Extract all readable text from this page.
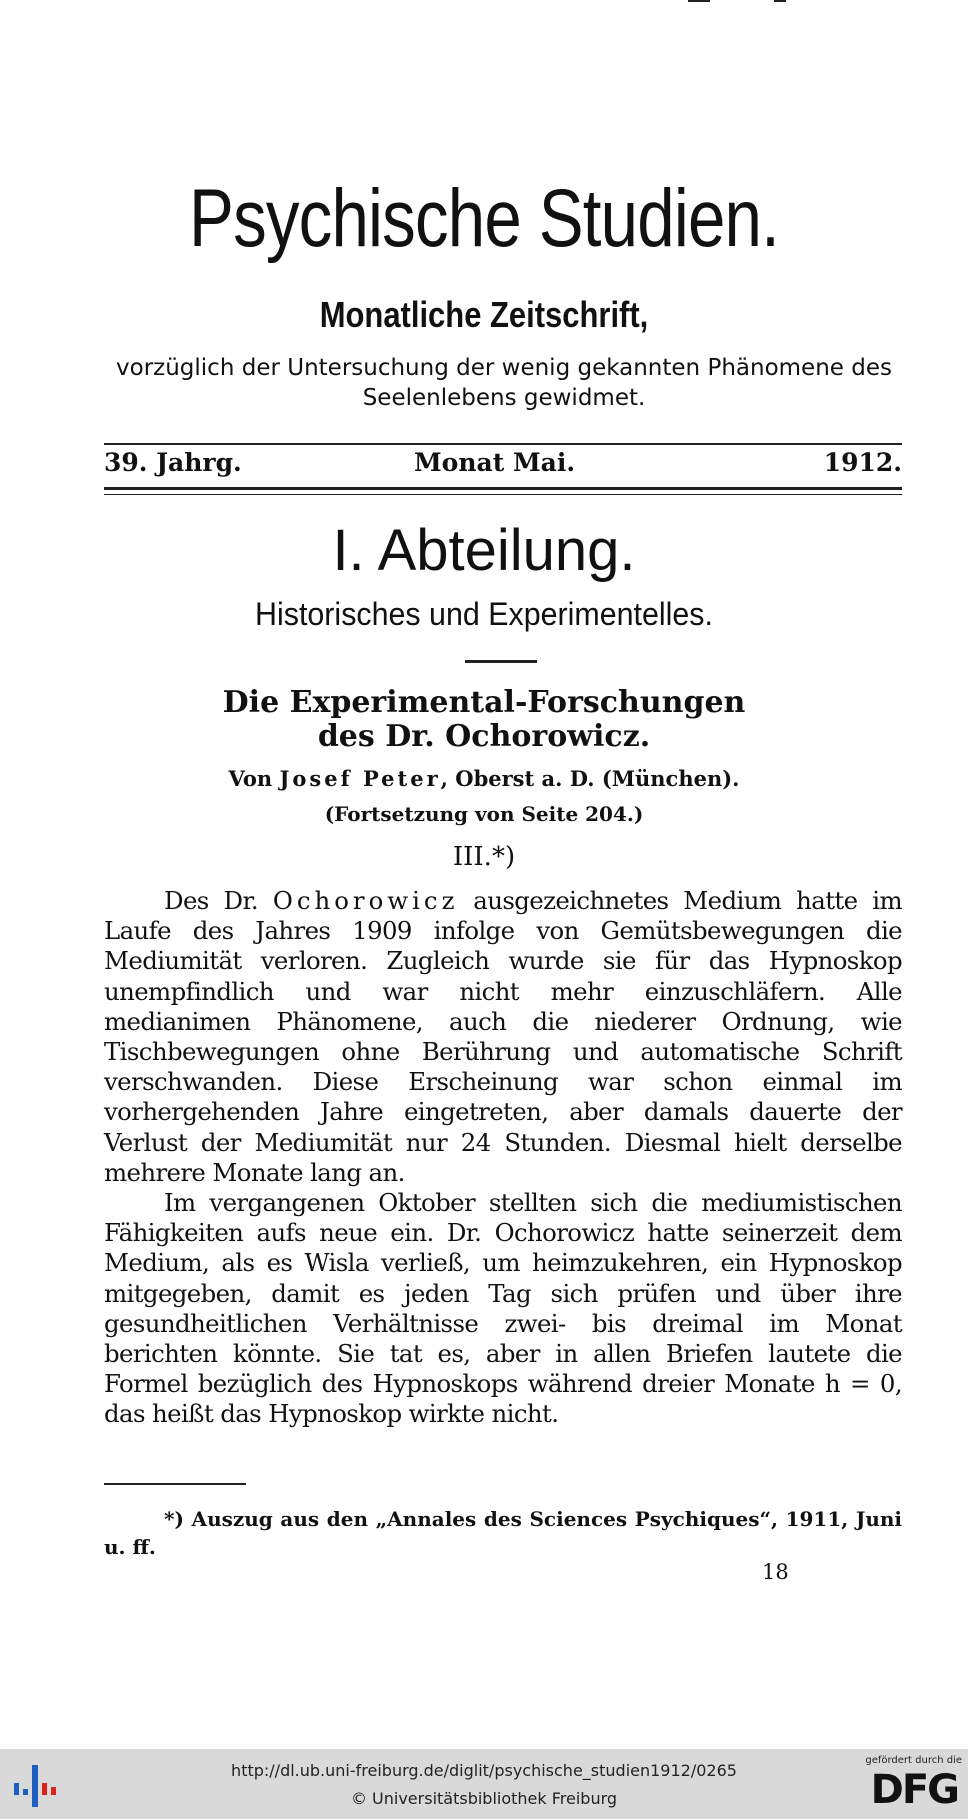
Psychische Studien.
Monatliche Zeitschrift,
vorzüglich der Untersuchung der wenig gekannten Phänomene des Seelenlebens gewidmet.
39. Jahrg.	Monat Mai.	1912.
I. Abteilung.
Historisches und Experimentelles.
Die Experimental-Forschungen
des Dr. Ochorowicz.
Von Josef Peter, Oberst a. D. (München).
(Fortsetzung von Seite 204.)
III.*)

Des Dr. Ochorowicz ausgezeichnetes Medium hatte im Laufe des Jahres 1909 infolge von Gemütsbewegungen die Mediumität verloren. Zugleich wurde sie für das Hypnoskop unempfindlich und war nicht mehr einzuschläfern. Alle medianimen Phänomene, auch die niederer Ordnung, wie Tischbewegungen ohne Berührung und automatische Schrift verschwanden. Diese Erscheinung war schon einmal im vorhergehenden Jahre eingetreten, aber damals dauerte der Verlust der Mediumität nur 24 Stunden. Diesmal hielt derselbe mehrere Monate lang an.

Im vergangenen Oktober stellten sich die mediumistischen Fähigkeiten aufs neue ein. Dr. Ochorowicz hatte seinerzeit dem Medium, als es Wisla verließ, um heimzukehren, ein Hypnoskop mitgegeben, damit es jeden Tag sich prüfen und über ihre gesundheitlichen Verhältnisse zwei- bis dreimal im Monat berichten könnte. Sie tat es, aber in allen Briefen lautete die Formel bezüglich des Hypnoskops während dreier Monate h = 0, das heißt das Hypnoskop wirkte nicht.

*) Auszug aus den „Annales des Sciences Psychiques“, 1911, Juni u. ff.
18
http://dl.ub.uni-freiburg.de/diglit/psychische_studien1912/0265
© Universitätsbibliothek Freiburg
gefördert durch die
DFG
